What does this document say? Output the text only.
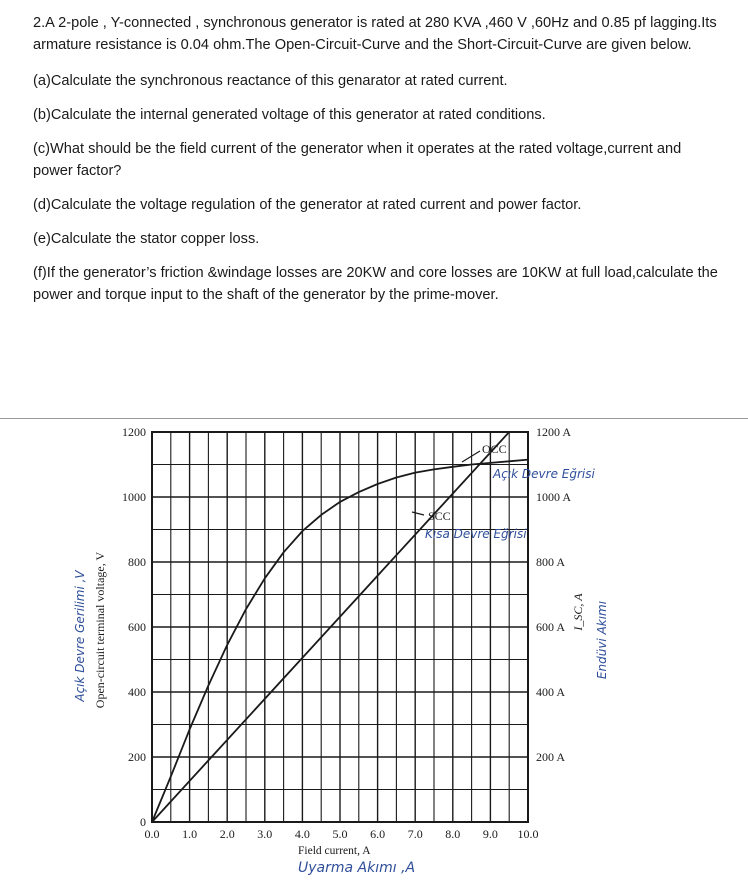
2.A 2-pole , Y-connected , synchronous generator is rated at 280 KVA ,460 V ,60Hz and 0.85 pf lagging.Its armature resistance is 0.04 ohm.The Open-Circuit-Curve and the Short-Circuit-Curve are given below.

(a)Calculate the synchronous reactance of this genarator at rated current.

(b)Calculate the internal generated voltage of this generator at rated conditions.

(c)What should be the field current of the generator when it operates at the rated voltage,current and power factor?

(d)Calculate the voltage regulation of the generator at rated current and power factor.

(e)Calculate the stator copper loss.

(f)If the generator’s friction &windage losses are 20KW and core losses are 10KW at full load,calculate the power and torque input to the shaft of the generator by the prime-mover.

0.0 1.0 2.0 3.0 4.0 5.0 6.0 7.0 8.0 9.0 10.0
0
200
400
600
800
1000
1200
200 A
400 A
600 A
800 A
1000 A
1200 A
OCC
Açık Devre Eğrisi
SCC
Kısa Devre Eğrisi
Open-circuit terminal voltage, V
Açık Devre Gerilimi ,V	I_SC, A Endüvi Akımı
Field current, A
Uyarma Akımı ,A
